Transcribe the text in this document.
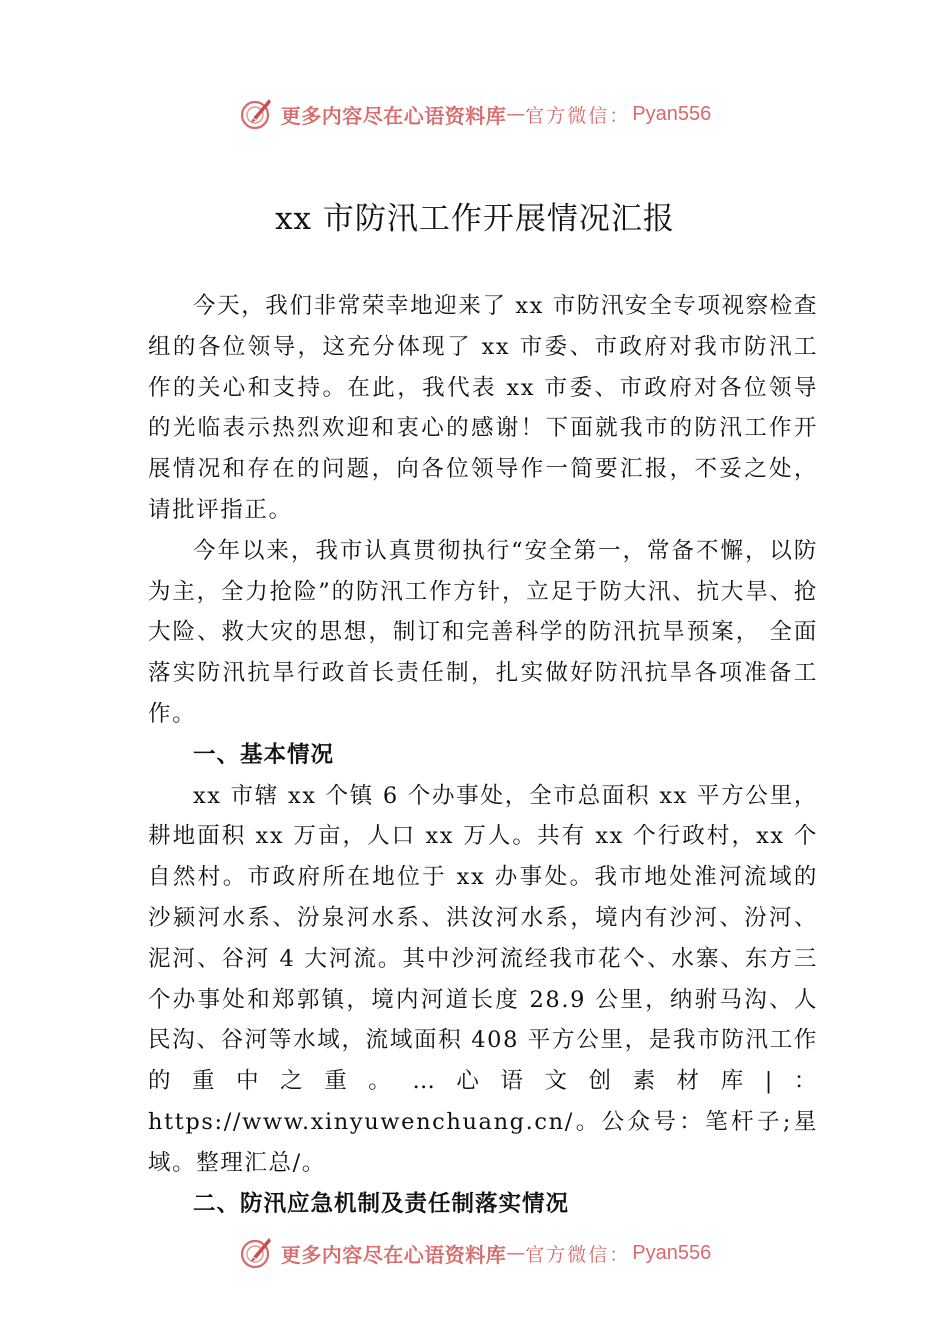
更多内容尽在心语资料库 — 官方微信： Pyan556
xx 市防汛工作开展情况汇报

今天，我们非常荣幸地迎来了 xx 市防汛安全专项视察检查组的各位领导，这充分体现了 xx 市委、市政府对我市防汛工作的关心和支持。在此，我代表 xx 市委、市政府对各位领导的光临表示热烈欢迎和衷心的感谢！下面就我市的防汛工作开展情况和存在的问题，向各位领导作一简要汇报，不妥之处，请批评指正。

今年以来，我市认真贯彻执行“安全第一，常备不懈，以防为主，全力抢险”的防汛工作方针，立足于防大汛、抗大旱、抢大险、救大灾的思想，制订和完善科学的防汛抗旱预案， 全面落实防汛抗旱行政首长责任制，扎实做好防汛抗旱各项准备工作。

一、基本情况

xx 市辖 xx 个镇 6 个办事处，全市总面积 xx 平方公里，耕地面积 xx 万亩，人口 xx 万人。共有 xx 个行政村，xx 个自然村。市政府所在地位于 xx 办事处。我市地处淮河流域的沙颍河水系、汾泉河水系、洪汝河水系，境内有沙河、汾河、泥河、谷河 4 大河流。其中沙河流经我市花亽、水寨、东方三个办事处和郑郭镇，境内河道长度 28.9 公里，纳驸马沟、人民沟、谷河等水域，流域面积 408 平方公里，是我市防汛工作的重中之重。…心语文创素材库|：https://www.xinyuwenchuang.cn/。公众号：笔杆子;星域。整理汇总/。

二、防汛应急机制及责任制落实情况
更多内容尽在心语资料库 — 官方微信： Pyan556
